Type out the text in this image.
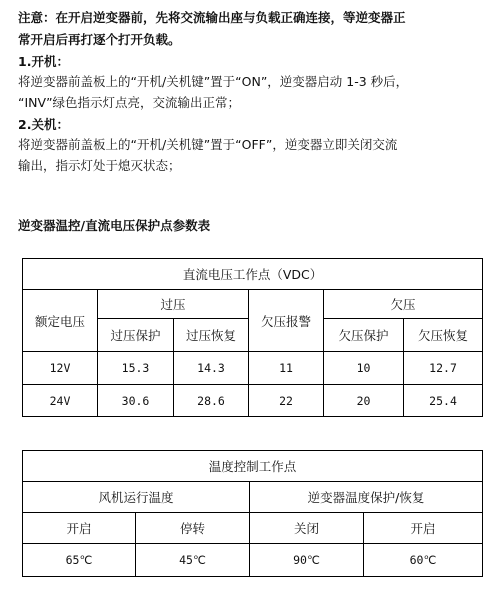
注意：在开启逆变器前，先将交流输出座与负载正确连接，等逆变器正
常开启后再打逐个打开负载。
1.开机：
将逆变器前盖板上的“开机/关机键”置于“ON”，逆变器启动 1-3 秒后，
“INV”绿色指示灯点亮，交流输出正常；
2.关机：
将逆变器前盖板上的“开机/关机键”置于“OFF”，逆变器立即关闭交流
输出，指示灯处于熄灭状态；
逆变器温控/直流电压保护点参数表
直流电压工作点（VDC）					
额定电压	过压		欠压报警	欠压	
	过压保护	过压恢复		欠压保护	欠压恢复
12V	15.3	14.3	11	10	12.7
24V	30.6	28.6	22	20	25.4
温度控制工作点			
风机运行温度		逆变器温度保护/恢复	
开启	停转	关闭	开启
65℃	45℃	90℃	60℃
